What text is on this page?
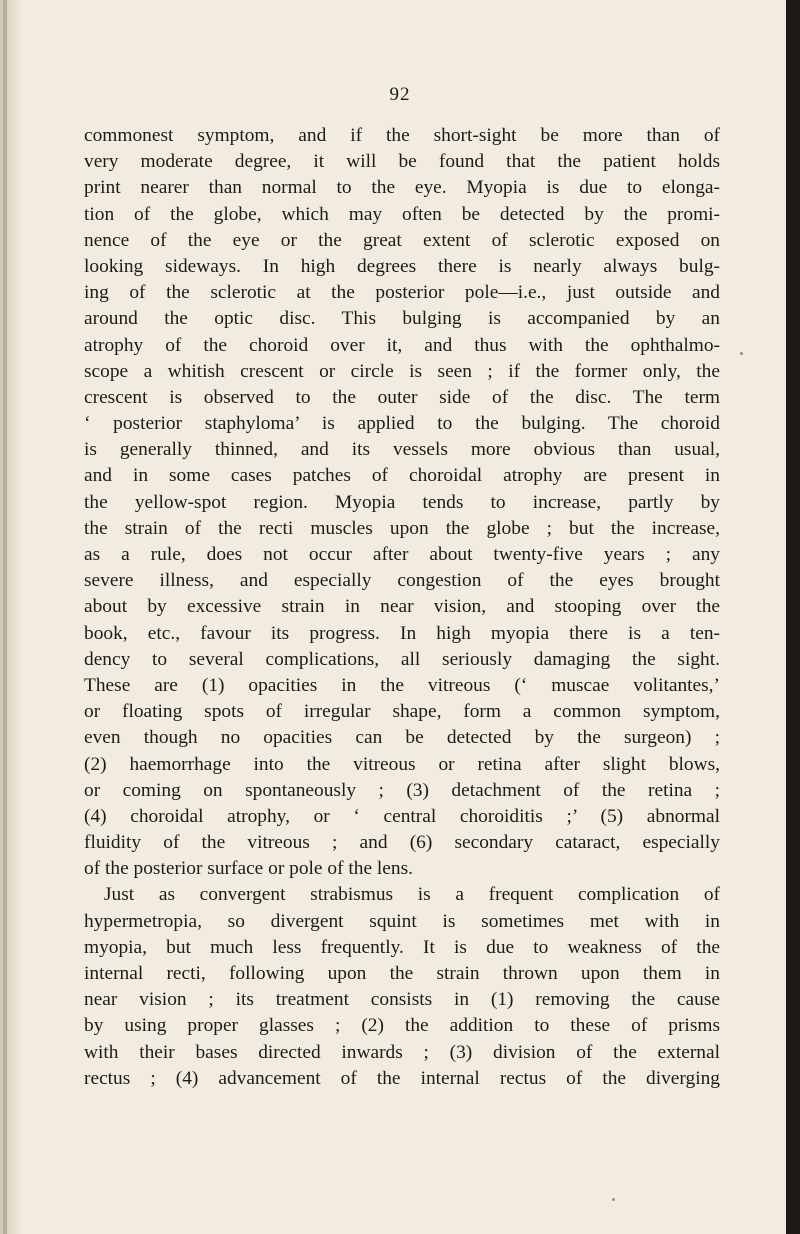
92
commonest symptom, and if the short-sight be more than of
very moderate degree, it will be found that the patient holds
print nearer than normal to the eye. Myopia is due to elonga-
tion of the globe, which may often be detected by the promi-
nence of the eye or the great extent of sclerotic exposed on
looking sideways. In high degrees there is nearly always bulg-
ing of the sclerotic at the posterior pole—i.e., just outside and
around the optic disc. This bulging is accompanied by an
atrophy of the choroid over it, and thus with the ophthalmo-
scope a whitish crescent or circle is seen ; if the former only, the
crescent is observed to the outer side of the disc. The term
‘ posterior staphyloma’ is applied to the bulging. The choroid
is generally thinned, and its vessels more obvious than usual,
and in some cases patches of choroidal atrophy are present in
the yellow-spot region. Myopia tends to increase, partly by
the strain of the recti muscles upon the globe ; but the increase,
as a rule, does not occur after about twenty-five years ; any
severe illness, and especially congestion of the eyes brought
about by excessive strain in near vision, and stooping over the
book, etc., favour its progress. In high myopia there is a ten-
dency to several complications, all seriously damaging the sight.
These are (1) opacities in the vitreous (‘ muscae volitantes,’
or floating spots of irregular shape, form a common symptom,
even though no opacities can be detected by the surgeon) ;
(2) haemorrhage into the vitreous or retina after slight blows,
or coming on spontaneously ; (3) detachment of the retina ;
(4) choroidal atrophy, or ‘ central choroiditis ;’ (5) abnormal
fluidity of the vitreous ; and (6) secondary cataract, especially
of the posterior surface or pole of the lens.
Just as convergent strabismus is a frequent complication of
hypermetropia, so divergent squint is sometimes met with in
myopia, but much less frequently. It is due to weakness of the
internal recti, following upon the strain thrown upon them in
near vision ; its treatment consists in (1) removing the cause
by using proper glasses ; (2) the addition to these of prisms
with their bases directed inwards ; (3) division of the external
rectus ; (4) advancement of the internal rectus of the diverging
